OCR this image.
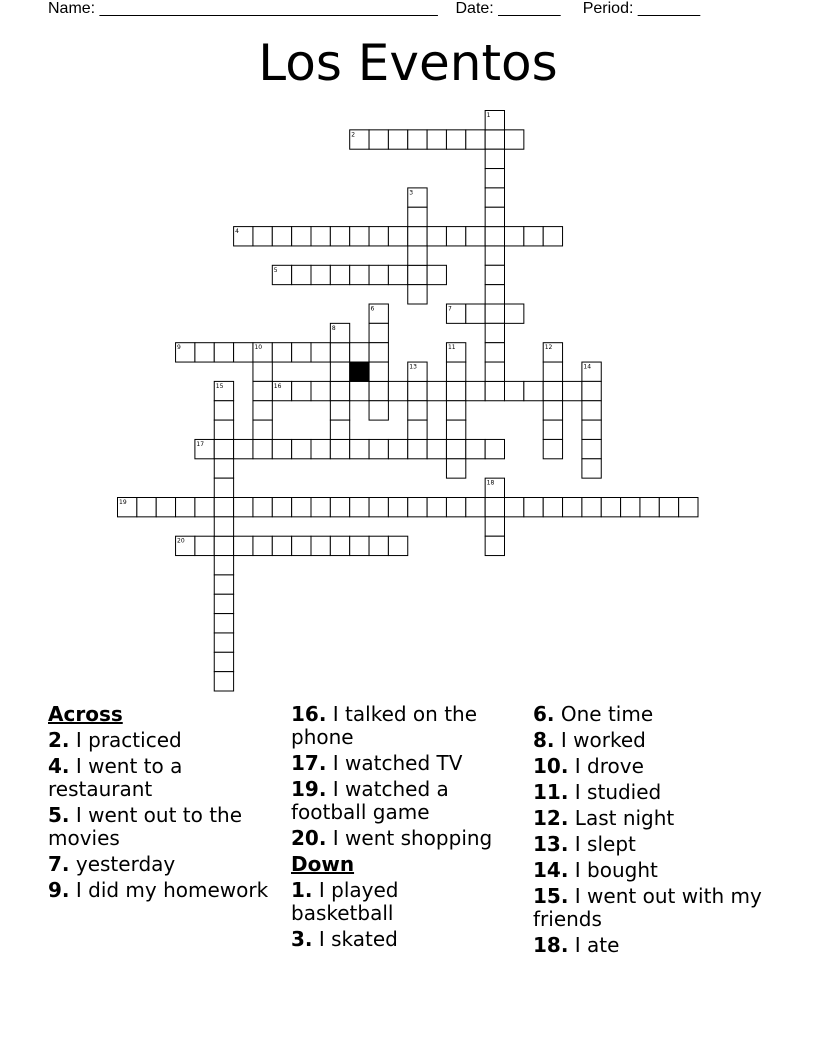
Name: ______________________________________ Date: _______ Period: _______
Los Eventos
2
4
5
7
9
16
17
19
20
1
3
6
8
10	11	12
13	14
15
18
Across
2. I practiced
4. I went to a restaurant
5. I went out to the movies
7. yesterday
9. I did my homework
16. I talked on the phone
17. I watched TV
19. I watched a football game
20. I went shopping
Down
1. I played basketball
3. I skated
6. One time
8. I worked
10. I drove
11. I studied
12. Last night
13. I slept
14. I bought
15. I went out with my friends
18. I ate
